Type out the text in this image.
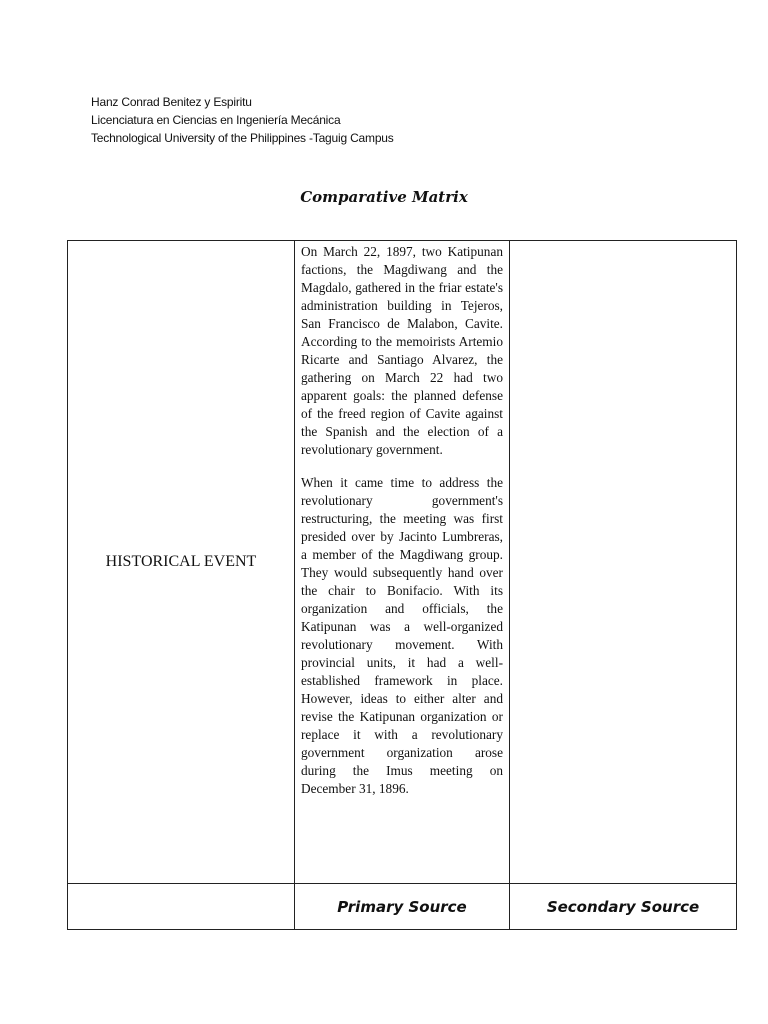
Hanz Conrad Benitez y Espiritu
Licenciatura en Ciencias en Ingeniería Mecánica
Technological University of the Philippines -Taguig Campus
Comparative Matrix
HISTORICAL EVENT	On March 22, 1897, two Katipunan factions, the Magdiwang and the Magdalo, gathered in the friar estate's administration building in Tejeros, San Francisco de Malabon, Cavite. According to the memoirists Artemio Ricarte and Santiago Alvarez, the gathering on March 22 had two apparent goals: the planned defense of the freed region of Cavite against the Spanish and the election of a revolutionary government.

When it came time to address the revolutionary government's restructuring, the meeting was first presided over by Jacinto Lumbreras, a member of the Magdiwang group. They would subsequently hand over the chair to Bonifacio. With its organization and officials, the Katipunan was a well-organized revolutionary movement. With provincial units, it had a well-established framework in place. However, ideas to either alter and revise the Katipunan organization or replace it with a revolutionary government organization arose during the Imus meeting on December 31, 1896.	

	Primary Source	Secondary Source
